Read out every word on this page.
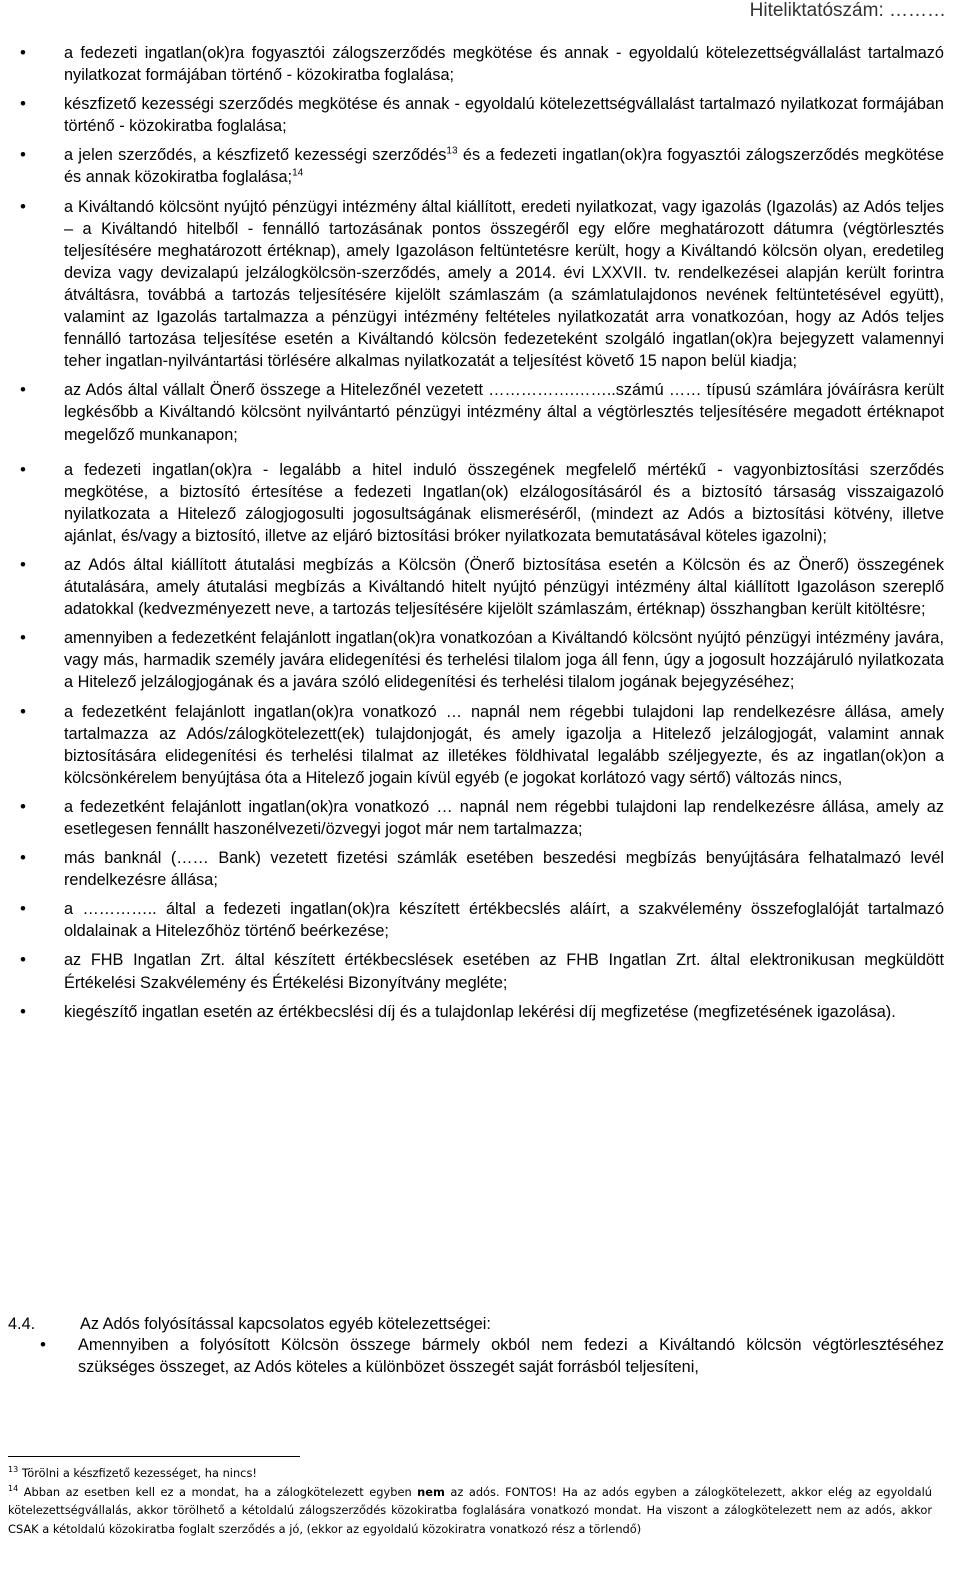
Hiteliktatószám: ………
• a fedezeti ingatlan(ok)ra fogyasztói zálogszerződés megkötése és annak - egyoldalú kötelezettségvállalást tartalmazó nyilatkozat formájában történő - közokiratba foglalása;
• készfizető kezességi szerződés megkötése és annak - egyoldalú kötelezettségvállalást tartalmazó nyilatkozat formájában történő - közokiratba foglalása;
• a jelen szerződés, a készfizető kezességi szerződés$^{13}$ és a fedezeti ingatlan(ok)ra fogyasztói zálogszerződés megkötése és annak közokiratba foglalása;$^{14}$
• a Kiváltandó kölcsönt nyújtó pénzügyi intézmény által kiállított, eredeti nyilatkozat, vagy igazolás (Igazolás) az Adós teljes – a Kiváltandó hitelből - fennálló tartozásának pontos összegéről egy előre meghatározott dátumra (végtörlesztés teljesítésére meghatározott értéknap), amely Igazoláson feltüntetésre került, hogy a Kiváltandó kölcsön olyan, eredetileg deviza vagy devizalapú jelzálogkölcsön-szerződés, amely a 2014. évi LXXVII. tv. rendelkezései alapján került forintra átváltásra, továbbá a tartozás teljesítésére kijelölt számlaszám (a számlatulajdonos nevének feltüntetésével együtt), valamint az Igazolás tartalmazza a pénzügyi intézmény feltételes nyilatkozatát arra vonatkozóan, hogy az Adós teljes fennálló tartozása teljesítése esetén a Kiváltandó kölcsön fedezeteként szolgáló ingatlan(ok)ra bejegyzett valamennyi teher ingatlan-nyilvántartási törlésére alkalmas nyilatkozatát a teljesítést követő 15 napon belül kiadja;
• az Adós által vállalt Önerő összege a Hitelezőnél vezetett …………….……..számú …… típusú számlára jóváírásra került legkésőbb a Kiváltandó kölcsönt nyilvántartó pénzügyi intézmény által a végtörlesztés teljesítésére megadott értéknapot megelőző munkanapon;
• a fedezeti ingatlan(ok)ra - legalább a hitel induló összegének megfelelő mértékű - vagyonbiztosítási szerződés megkötése, a biztosító értesítése a fedezeti Ingatlan(ok) elzálogosításáról és a biztosító társaság visszaigazoló nyilatkozata a Hitelező zálogjogosulti jogosultságának elismeréséről, (mindezt az Adós a biztosítási kötvény, illetve ajánlat, és/vagy a biztosító, illetve az eljáró biztosítási bróker nyilatkozata bemutatásával köteles igazolni);
• az Adós által kiállított átutalási megbízás a Kölcsön (Önerő biztosítása esetén a Kölcsön és az Önerő) összegének átutalására, amely átutalási megbízás a Kiváltandó hitelt nyújtó pénzügyi intézmény által kiállított Igazoláson szereplő adatokkal (kedvezményezett neve, a tartozás teljesítésére kijelölt számlaszám, értéknap) összhangban került kitöltésre;
• amennyiben a fedezetként felajánlott ingatlan(ok)ra vonatkozóan a Kiváltandó kölcsönt nyújtó pénzügyi intézmény javára, vagy más, harmadik személy javára elidegenítési és terhelési tilalom joga áll fenn, úgy a jogosult hozzájáruló nyilatkozata a Hitelező jelzálogjogának és a javára szóló elidegenítési és terhelési tilalom jogának bejegyzéséhez;
• a fedezetként felajánlott ingatlan(ok)ra vonatkozó … napnál nem régebbi tulajdoni lap rendelkezésre állása, amely tartalmazza az Adós/zálogkötelezett(ek) tulajdonjogát, és amely igazolja a Hitelező jelzálogjogát, valamint annak biztosítására elidegenítési és terhelési tilalmat az illetékes földhivatal legalább széljegyezte, és az ingatlan(ok)on a kölcsönkérelem benyújtása óta a Hitelező jogain kívül egyéb (e jogokat korlátozó vagy sértő) változás nincs,
• a fedezetként felajánlott ingatlan(ok)ra vonatkozó … napnál nem régebbi tulajdoni lap rendelkezésre állása, amely az esetlegesen fennállt haszonélvezeti/özvegyi jogot már nem tartalmazza;
• más banknál (…… Bank) vezetett fizetési számlák esetében beszedési megbízás benyújtására felhatalmazó levél rendelkezésre állása;
• a ………….. által a fedezeti ingatlan(ok)ra készített értékbecslés aláírt, a szakvélemény összefoglalóját tartalmazó oldalainak a Hitelezőhöz történő beérkezése;
• az FHB Ingatlan Zrt. által készített értékbecslések esetében az FHB Ingatlan Zrt. által elektronikusan megküldött Értékelési Szakvélemény és Értékelési Bizonyítvány megléte;
• kiegészítő ingatlan esetén az értékbecslési díj és a tulajdonlap lekérési díj megfizetése (megfizetésének igazolása).
4.4.	Az Adós folyósítással kapcsolatos egyéb kötelezettségei:
• Amennyiben a folyósított Kölcsön összege bármely okból nem fedezi a Kiváltandó kölcsön végtörlesztéséhez szükséges összeget, az Adós köteles a különbözet összegét saját forrásból teljesíteni,

$^{13}$ Törölni a készfizető kezességet, ha nincs!

$^{14}$ Abban az esetben kell ez a mondat, ha a zálogkötelezett egyben nem az adós. FONTOS! Ha az adós egyben a zálogkötelezett, akkor elég az egyoldalú kötelezettségvállalás, akkor törölhető a kétoldalú zálogszerződés közokiratba foglalására vonatkozó mondat. Ha viszont a zálogkötelezett nem az adós, akkor CSAK a kétoldalú közokiratba foglalt szerződés a jó, (ekkor az egyoldalú közokiratra vonatkozó rész a törlendő)
